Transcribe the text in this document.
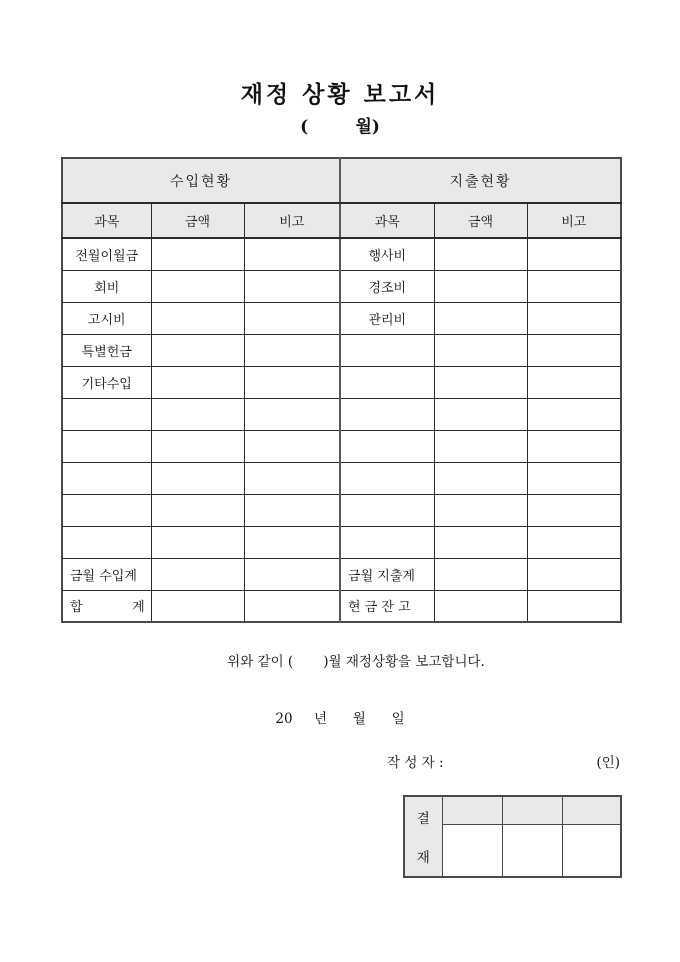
재정 상황 보고서
(        월)
수입현황			지출현황		
과목	금액	비고	과목	금액	비고
전월이월금			행사비		
회비			경조비		
고시비			관리비		
특별헌금					
기타수입					

금월 수입계			금월 지출계		
합            계			현 금 잔 고		
위와 같이 (       )월 재정상황을 보고합니다.
20     년      월      일
작 성 자 :	(인)
결
재			
